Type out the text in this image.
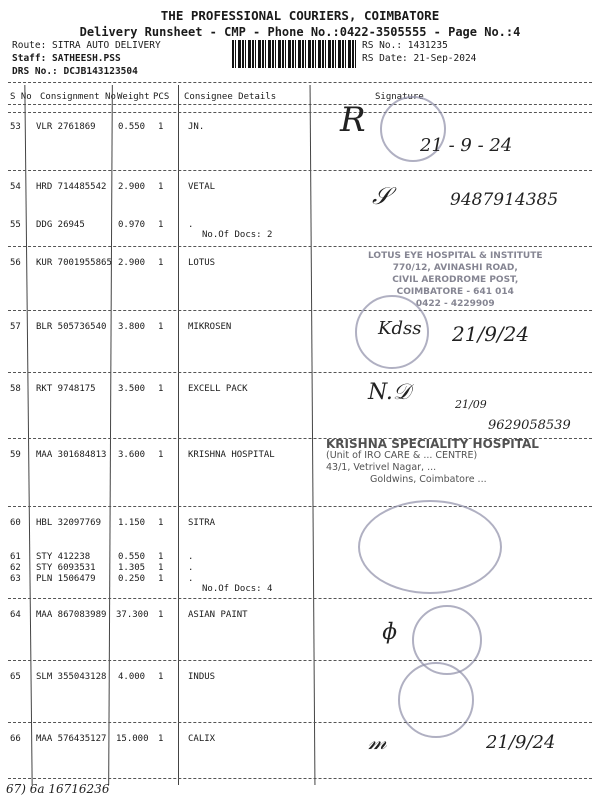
THE PROFESSIONAL COURIERS, COIMBATORE
Delivery Runsheet - CMP - Phone No.:0422-3505555 - Page No.:4
Route: SITRA AUTO DELIVERY
Staff: SATHEESH.PSS
DRS No.: DCJB143123504
RS No.: 1431235
RS Date: 21-Sep-2024
S No Consignment No Weight PCS Consignee Details	Signature
53 VLR 2761869 0.550 1	JN.	R
21 - 9 - 24
54 HRD 714485542 2.900 1	VETAL	𝒮	9487914385
55 DDG 26945	0.970 1	.
No.Of Docs: 2
56 KUR 7001955865 2.900 1	LOTUS
LOTUS EYE HOSPITAL & INSTITUTE
770/12, AVINASHI ROAD,
CIVIL AERODROME POST,
COIMBATORE - 641 014
0422 - 4229909
57 BLR 505736540 3.800 1	MIKROSEN	Kdss 21/9/24
58 RKT 9748175 3.500 1	EXCELL PACK	N.𝒟	21/09
9629058539
59 MAA 301684813 3.600 1	KRISHNA HOSPITAL
KRISHNA SPECIALITY HOSPITAL
(Unit of IRO CARE & ... CENTRE)
43/1, Vetrivel Nagar, ...
Goldwins, Coimbatore ...
60 HBL 32097769 1.150 1	SITRA
61 STY 412238	0.550 1	.
62 STY 6093531 1.305 1	.
63 PLN 1506479 0.250 1	.
No.Of Docs: 4
64 MAA 867083989 37.300 1	ASIAN PAINT
ɸ
65 SLM 355043128 4.000 1	INDUS
66 MAA 576435127 15.000 1	CALIX	𝓂	21/9/24
67) 6a 16716236
